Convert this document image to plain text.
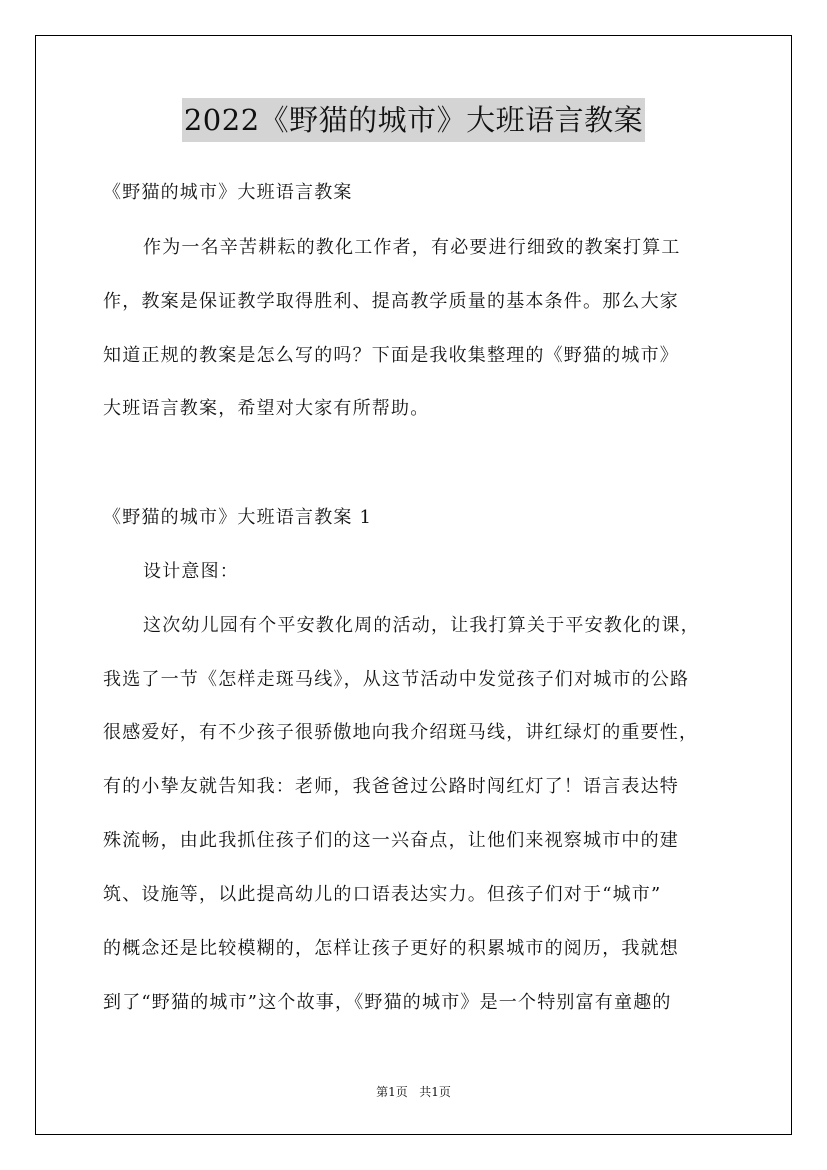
2022《野猫的城市》大班语言教案
《野猫的城市》大班语言教案
作为一名辛苦耕耘的教化工作者，有必要进行细致的教案打算工
作，教案是保证教学取得胜利、提高教学质量的基本条件。那么大家
知道正规的教案是怎么写的吗？下面是我收集整理的《野猫的城市》
大班语言教案，希望对大家有所帮助。
《野猫的城市》大班语言教案 1
设计意图：
这次幼儿园有个平安教化周的活动，让我打算关于平安教化的课，
我选了一节《怎样走斑马线》，从这节活动中发觉孩子们对城市的公路
很感爱好，有不少孩子很骄傲地向我介绍斑马线，讲红绿灯的重要性，
有的小挚友就告知我：老师，我爸爸过公路时闯红灯了！语言表达特
殊流畅，由此我抓住孩子们的这一兴奋点，让他们来视察城市中的建
筑、设施等，以此提高幼儿的口语表达实力。但孩子们对于“城市”
的概念还是比较模糊的，怎样让孩子更好的积累城市的阅历，我就想
到了“野猫的城市”这个故事，《野猫的城市》是一个特别富有童趣的
第1页   共1页
